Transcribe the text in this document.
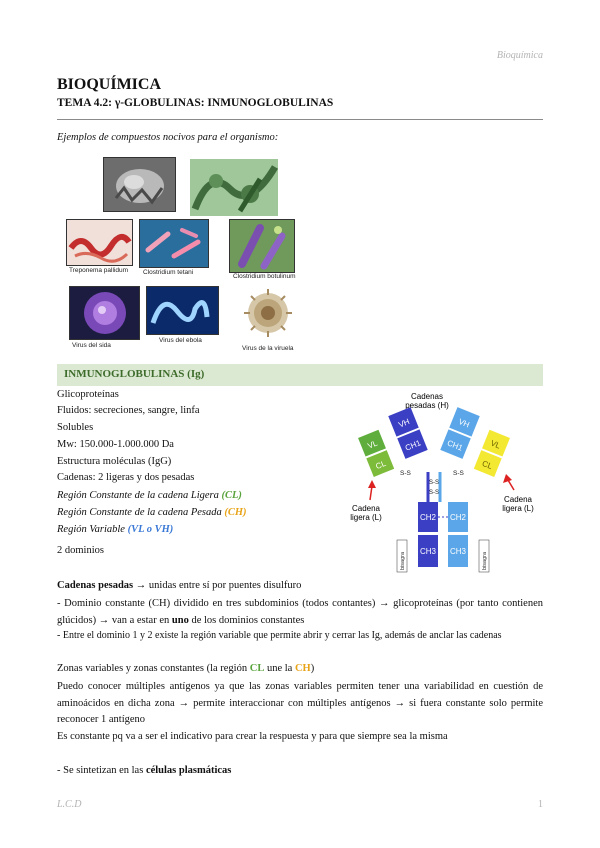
Bioquímica
BIOQUÍMICA
TEMA 4.2: γ-GLOBULINAS: INMUNOGLOBULINAS
Ejemplos de compuestos nocivos para el organismo:
Treponema pallidum Clostridium tetani
Clostridium botulinum
Virus del sida
Virus del ebola
Virus de la viruela
INMUNOGLOBULINAS (Ig)
Glicoproteínas
Fluidos: secreciones, sangre, linfa
Solubles
Mw: 150.000-1.000.000 Da
Estructura moléculas (IgG)
Cadenas: 2 ligeras y dos pesadas
Región Constante de la cadena Ligera (CL)
Región Constante de la cadena Pesada (CH)
Región Variable (VL o VH)
2 dominios
Cadenas
pesadas (H)
VH
CH1
VL
CL
VH
CH1	VL
CL
S-S	S-S
S-S
S-S
CH2 CH2
CH3 CH3
bisagra	bisagra
Cadena
ligera (L)
Cadena
ligera (L)
Cadenas pesadas → unidas entre sí por puentes disulfuro
- Dominio constante (CH) dividido en tres subdominios (todos contantes) → glicoproteínas (por tanto contienen glúcidos) → van a estar en uno de los dominios constantes
- Entre el dominio 1 y 2 existe la región variable que permite abrir y cerrar las Ig, además de anclar las cadenas
Zonas variables y zonas constantes (la región CL une la CH)
Puedo conocer múltiples antígenos ya que las zonas variables permiten tener una variabilidad en cuestión de aminoácidos en dicha zona → permite interaccionar con múltiples antígenos → si fuera constante solo permite reconocer 1 antígeno
Es constante pq va a ser el indicativo para crear la respuesta y para que siempre sea la misma
- Se sintetizan en las células plasmáticas
L.C.D	1
